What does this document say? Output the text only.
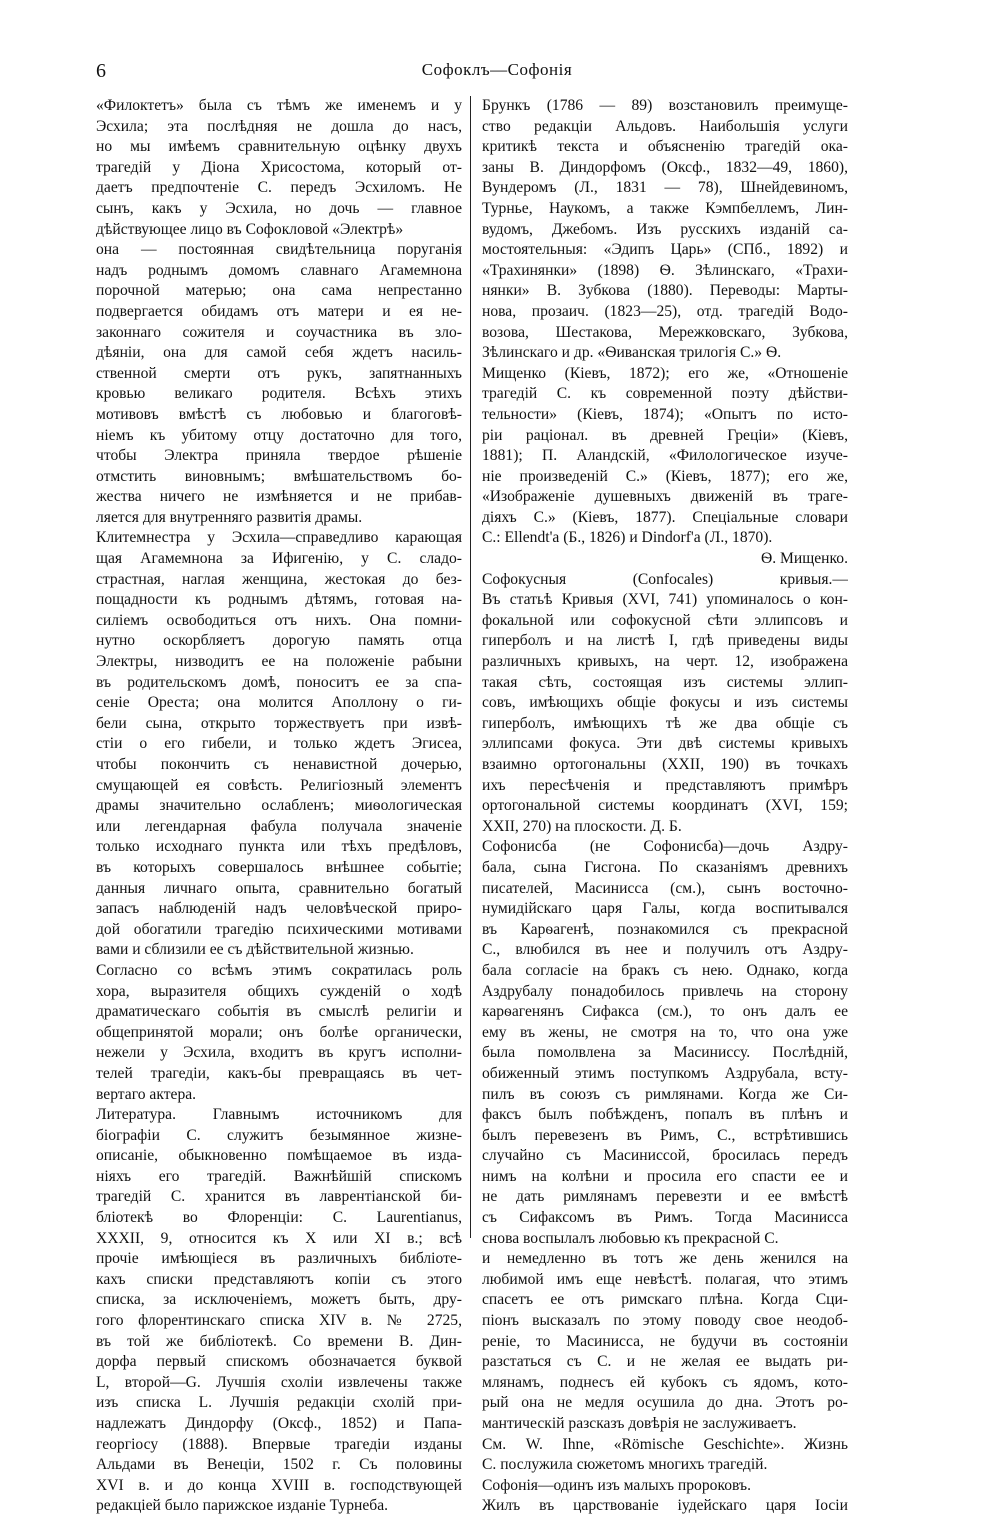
6	Софоклъ—Софонія
«Филоктетъ» была съ тѣмъ же именемъ и у
Эсхила; эта послѣдняя не дошла до насъ,
но мы имѣемъ сравнительную оцѣнку двухъ
трагедій у Діона Хрисостома, который от-
даетъ предпочтеніе С. передъ Эсхиломъ. Не
сынъ, какъ у Эсхила, но дочь — главное
дѣйствующее лицо въ Софокловой «Электрѣ»
она — постоянная свидѣтельница поруганія
надъ роднымъ домомъ славнаго Агамемнона
порочной матерью; она сама непрестанно
подвергается обидамъ отъ матери и ея не-
законнаго сожителя и соучастника въ зло-
дѣяніи, она для самой себя ждетъ насиль-
ственной смерти отъ рукъ, запятнанныхъ
кровью великаго родителя. Всѣхъ этихъ
мотивовъ вмѣстѣ съ любовью и благоговѣ-
ніемъ къ убитому отцу достаточно для того,
чтобы Электра приняла твердое рѣшеніе
отмстить виновнымъ; вмѣшательствомъ бо-
жества ничего не измѣняется и не прибав-
ляется для внутренняго развитія драмы.
Клитемнестра у Эсхила—справедливо карающая
щая Агамемнона за Ифигенію, у С. сладо-
страстная, наглая женщина, жестокая до без-
пощадности къ роднымъ дѣтямъ, готовая на-
силіемъ освободиться отъ нихъ. Она помни-
нутно оскорбляетъ дорогую память отца
Электры, низводитъ ее на положеніе рабыни
въ родительскомъ домѣ, поноситъ ее за спа-
сеніе Ореста; она молится Аполлону о ги-
бели сына, открыто торжествуетъ при извѣ-
стіи о его гибели, и только ждетъ Эгисеа,
чтобы покончить съ ненавистной дочерью,
смущающей ея совѣсть. Религіозный элементъ
драмы значительно ослабленъ; миѳологическая
или легендарная фабула получала значеніе
только исходнаго пункта или тѣхъ предѣловъ,
въ которыхъ совершалось внѣшнее событіе;
данныя личнаго опыта, сравнительно богатый
запасъ наблюденій надъ человѣческой приро-
дой обогатили трагедію психическими мотивами
вами и сблизили ее съ дѣйствительной жизнью.
Согласно со всѣмъ этимъ сократилась роль
хора, выразителя общихъ сужденій о ходѣ
драматическаго событія въ смыслѣ религіи и
общепринятой морали; онъ болѣе органически,
нежели у Эсхила, входитъ въ кругъ исполни-
телей трагедіи, какъ-бы превращаясь въ чет-
вертаго актера.
Литература. Главнымъ источникомъ для
біографіи С. служитъ безымянное жизне-
описаніе, обыкновенно помѣщаемое въ изда-
ніяхъ его трагедій. Важнѣйшій спискомъ
трагедій С. хранится въ лаврентіанской би-
бліотекѣ во Флоренціи: C. Laurentianus,
XXXII, 9, относится къ X или XI в.; всѣ
прочіе имѣющіеся въ различныхъ библіоте-
кахъ списки представляютъ копіи съ этого
списка, за исключеніемъ, можетъ быть, дру-
гого флорентинскаго списка XIV в. № 2725,
въ той же библіотекѣ. Со времени В. Дин-
дорфа первый спискомъ обозначается буквой
L, второй—G. Лучшія схоліи извлечены также
изъ списка L. Лучшія редакціи схолій при-
надлежатъ Диндорфу (Оксф., 1852) и Папа-
георгіосу (1888). Впервые трагедіи изданы
Альдами въ Венеціи, 1502 г. Съ половины
XVI в. и до конца XVIII в. господствующей
редакціей было парижское изданіе Турнеба.
Брункъ (1786 — 89) возстановилъ преимуще-
ство редакціи Альдовъ. Наибольшія услуги
критикѣ текста и объясненію трагедій ока-
заны В. Диндорфомъ (Оксф., 1832—49, 1860),
Вундеромъ (Л., 1831 — 78), Шнейдевиномъ,
Турнье, Наукомъ, а также Кэмпбеллемъ, Лин-
вудомъ, Джебомъ. Изъ русскихъ изданій са-
мостоятельныя: «Эдипъ Царь» (СПб., 1892) и
«Трахинянки» (1898) Ѳ. Зѣлинскаго, «Трахи-
нянки» В. Зубкова (1880). Переводы: Марты-
нова, прозаич. (1823—25), отд. трагедій Водо-
возова, Шестакова, Мережковскаго, Зубкова,
Зѣлинскаго и др. «Ѳиванская трилогія С.» Ѳ.
Мищенко (Кіевъ, 1872); его же, «Отношеніе
трагедій С. къ современной поэту дѣйстви-
тельности» (Кіевъ, 1874); «Опытъ по исто-
ріи раціонал. въ древней Греціи» (Кіевъ,
1881); П. Аландскій, «Филологическое изуче-
ніе произведеній С.» (Кіевъ, 1877); его же,
«Изображеніе душевныхъ движеній въ траге-
діяхъ С.» (Кіевъ, 1877). Спеціальные словари
С.: Ellendt'a (Б., 1826) и Dindorf'a (Л., 1870).
Ѳ. Мищенко.
Софокусныя (Confocales) кривыя.—
Въ статьѣ Кривыя (XVI, 741) упоминалось о кон-
фокальной или софокусной сѣти эллипсовъ и
гиперболъ и на листѣ I, гдѣ приведены виды
различныхъ кривыхъ, на черт. 12, изображена
такая сѣть, состоящая изъ системы эллип-
совъ, имѣющихъ общіе фокусы и изъ системы
гиперболъ, имѣющихъ тѣ же два общіе съ
эллипсами фокуса. Эти двѣ системы кривыхъ
взаимно ортогональны (XXII, 190) въ точкахъ
ихъ пересѣченія и представляютъ примѣръ
ортогональной системы координатъ (XVI, 159;
XXII, 270) на плоскости. Д. Б.
Софонисба (не Софонисба)—дочь Аздру-
бала, сына Гисгона. По сказаніямъ древнихъ
писателей, Масинисса (см.), сынъ восточно-
нумидійскаго царя Галы, когда воспитывался
въ Карѳагенѣ, познакомился съ прекрасной
С., влюбился въ нее и получилъ отъ Аздру-
бала согласіе на бракъ съ нею. Однако, когда
Аздрубалу понадобилось привлечь на сторону
карѳагенянъ Сифакса (см.), то онъ далъ ее
ему въ жены, не смотря на то, что она уже
была помолвлена за Масиниссу. Послѣдній,
обиженный этимъ поступкомъ Аздрубала, всту-
пилъ въ союзъ съ римлянами. Когда же Си-
факсъ былъ побѣжденъ, попалъ въ плѣнъ и
былъ перевезенъ въ Римъ, С., встрѣтившись
случайно съ Масиниссой, бросилась передъ
нимъ на колѣни и просила его спасти ее и
не дать римлянамъ перевезти и ее вмѣстѣ
съ Сифаксомъ въ Римъ. Тогда Масинисса
снова воспылалъ любовью къ прекрасной С.
и немедленно въ тотъ же день женился на
любимой имъ еще невѣстѣ. полагая, что этимъ
спасетъ ее отъ римскаго плѣна. Когда Сци-
піонъ высказалъ по этому поводу свое неодоб-
реніе, то Масинисса, не будучи въ состояніи
разстаться съ С. и не желая ее выдать ри-
млянамъ, поднесъ ей кубокъ съ ядомъ, кото-
рый она не медля осушила до дна. Этотъ ро-
мантическій разсказъ довѣрія не заслуживаетъ.
См. W. Ihne, «Römische Geschichte». Жизнь
С. послужила сюжетомъ многихъ трагедій.
Софонія—одинъ изъ малыхъ пророковъ.
Жилъ въ царствованіе іудейскаго царя Іосіи
